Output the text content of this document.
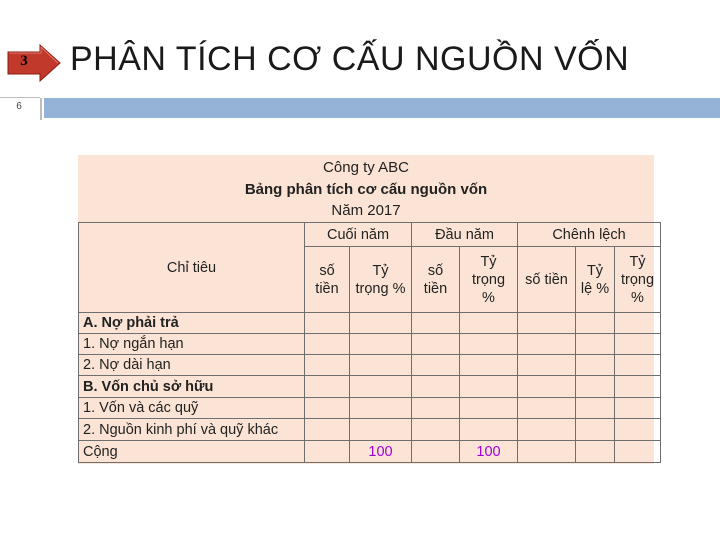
3 PHÂN TÍCH CƠ CẤU NGUỒN VỐN
6
Công ty ABC
Bảng phân tích cơ cấu nguồn vốn
Năm 2017
Chỉ tiêu	Cuối năm		Đầu năm		Chênh lệch		
	số tiền	Tỷ trọng %	số tiền	Tỷ trọng %	số tiền	Tỷ lệ %	Tỷ trọng %
A. Nợ phải trả							
1. Nợ ngắn hạn							
2. Nợ dài hạn							
B. Vốn chủ sở hữu							
1. Vốn và các quỹ							
2. Nguồn kinh phí và quỹ khác							
Cộng		100		100			
